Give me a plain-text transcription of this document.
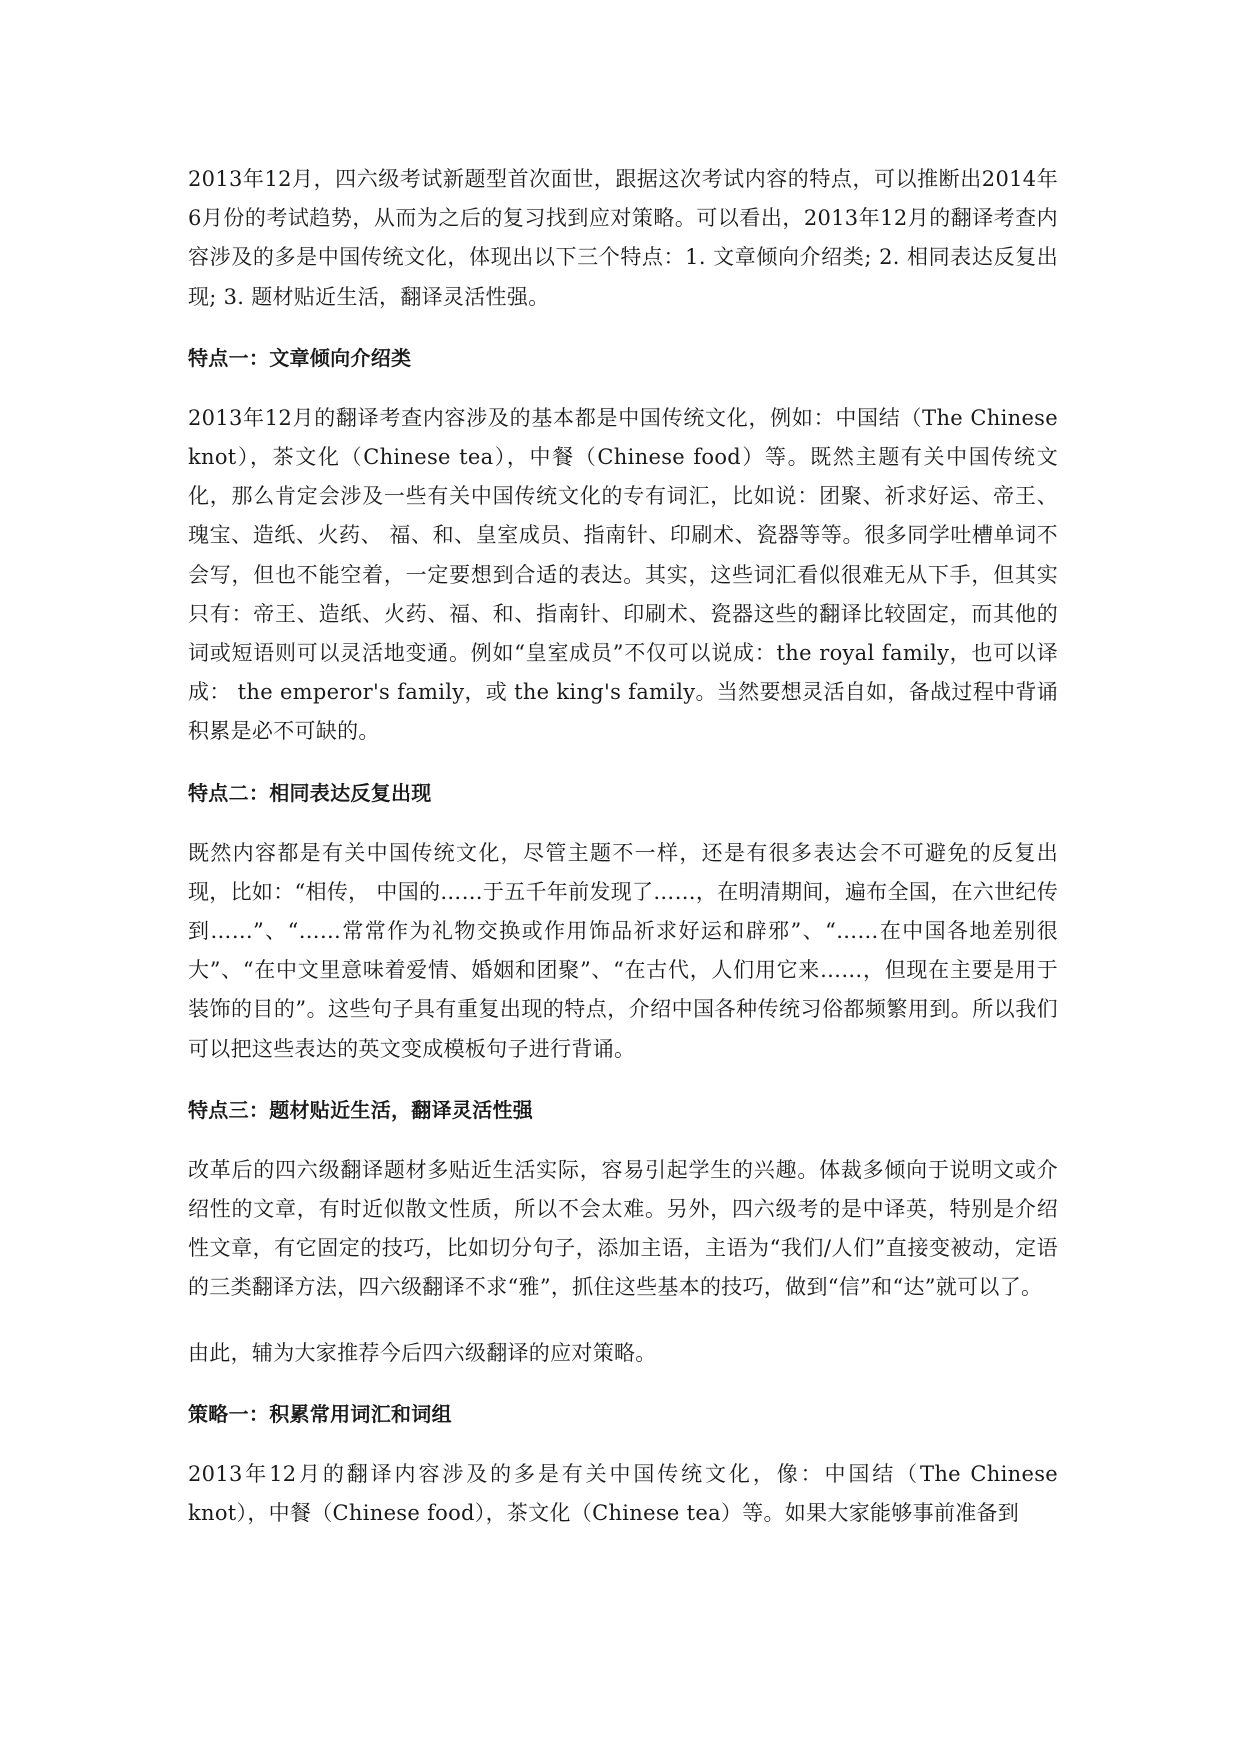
2013年12月，四六级考试新题型首次面世，跟据这次考试内容的特点，可以推断出2014年6月份的考试趋势，从而为之后的复习找到应对策略。可以看出，2013年12月的翻译考查内容涉及的多是中国传统文化，体现出以下三个特点：1. 文章倾向介绍类; 2. 相同表达反复出现; 3. 题材贴近生活，翻译灵活性强。

特点一：文章倾向介绍类

2013年12月的翻译考查内容涉及的基本都是中国传统文化，例如：中国结（The Chinese knot），茶文化（Chinese tea），中餐（Chinese food）等。既然主题有关中国传统文化，那么肯定会涉及一些有关中国传统文化的专有词汇，比如说：团聚、祈求好运、帝王、瑰宝、造纸、火药、 福、和、皇室成员、指南针、印刷术、瓷器等等。很多同学吐槽单词不会写，但也不能空着，一定要想到合适的表达。其实，这些词汇看似很难无从下手，但其实只有：帝王、造纸、火药、福、和、指南针、印刷术、瓷器这些的翻译比较固定，而其他的词或短语则可以灵活地变通。例如“皇室成员”不仅可以说成：the royal family，也可以译成： the emperor's family，或 the king's family。当然要想灵活自如，备战过程中背诵积累是必不可缺的。

特点二：相同表达反复出现

既然内容都是有关中国传统文化，尽管主题不一样，还是有很多表达会不可避免的反复出现，比如：“相传， 中国的……于五千年前发现了……，在明清期间，遍布全国，在六世纪传到……”、“……常常作为礼物交换或作用饰品祈求好运和辟邪”、“……在中国各地差别很大”、“在中文里意味着爱情、婚姻和团聚”、“在古代，人们用它来……，但现在主要是用于装饰的目的”。这些句子具有重复出现的特点，介绍中国各种传统习俗都频繁用到。所以我们可以把这些表达的英文变成模板句子进行背诵。

特点三：题材贴近生活，翻译灵活性强

改革后的四六级翻译题材多贴近生活实际，容易引起学生的兴趣。体裁多倾向于说明文或介绍性的文章，有时近似散文性质，所以不会太难。另外，四六级考的是中译英，特别是介绍性文章，有它固定的技巧，比如切分句子，添加主语，主语为“我们/人们”直接变被动，定语的三类翻译方法，四六级翻译不求“雅”，抓住这些基本的技巧，做到“信”和“达”就可以了。

由此，辅为大家推荐今后四六级翻译的应对策略。

策略一：积累常用词汇和词组

2013年12月的翻译内容涉及的多是有关中国传统文化，像：中国结（The Chinese knot），中餐（Chinese food），茶文化（Chinese tea）等。如果大家能够事前准备到
